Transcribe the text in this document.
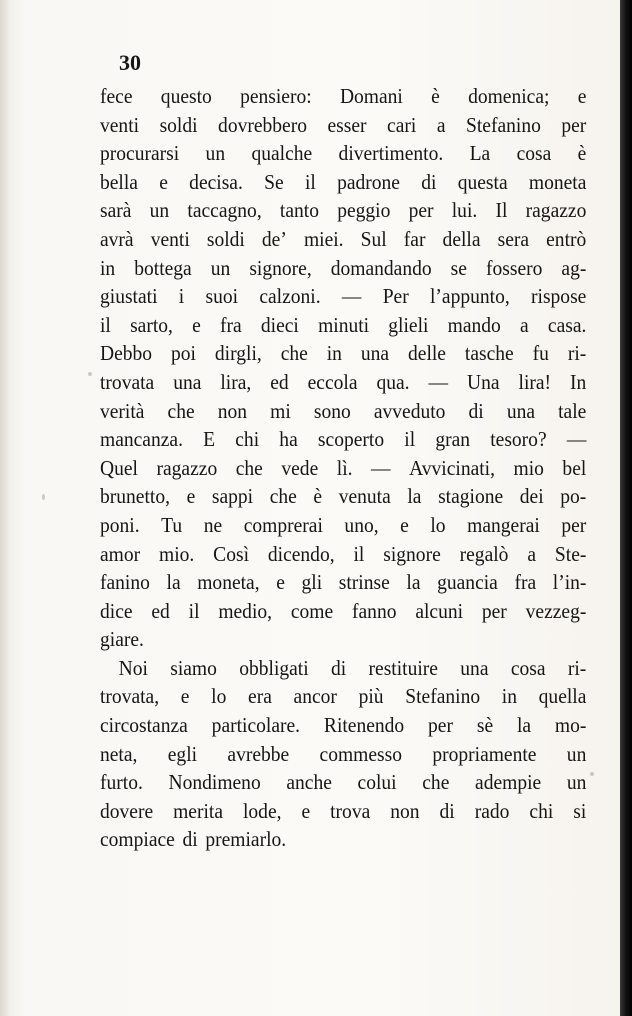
30
fece questo pensiero: Domani è domenica; e
venti soldi dovrebbero esser cari a Stefanino per
procurarsi un qualche divertimento. La cosa è
bella e decisa. Se il padrone di questa moneta
sarà un taccagno, tanto peggio per lui. Il ragazzo
avrà venti soldi de’ miei. Sul far della sera entrò
in bottega un signore, domandando se fossero ag-
giustati i suoi calzoni. — Per l’appunto, rispose
il sarto, e fra dieci minuti glieli mando a casa.
Debbo poi dirgli, che in una delle tasche fu ri-
trovata una lira, ed eccola qua. — Una lira! In
verità che non mi sono avveduto di una tale
mancanza. E chi ha scoperto il gran tesoro? —
Quel ragazzo che vede lì. — Avvicinati, mio bel
brunetto, e sappi che è venuta la stagione dei po-
poni. Tu ne comprerai uno, e lo mangerai per
amor mio. Così dicendo, il signore regalò a Ste-
fanino la moneta, e gli strinse la guancia fra l’in-
dice ed il medio, come fanno alcuni per vezzeg-
giare.
Noi siamo obbligati di restituire una cosa ri-
trovata, e lo era ancor più Stefanino in quella
circostanza particolare. Ritenendo per sè la mo-
neta, egli avrebbe commesso propriamente un
furto. Nondimeno anche colui che adempie un
dovere merita lode, e trova non di rado chi si
compiace di premiarlo.
